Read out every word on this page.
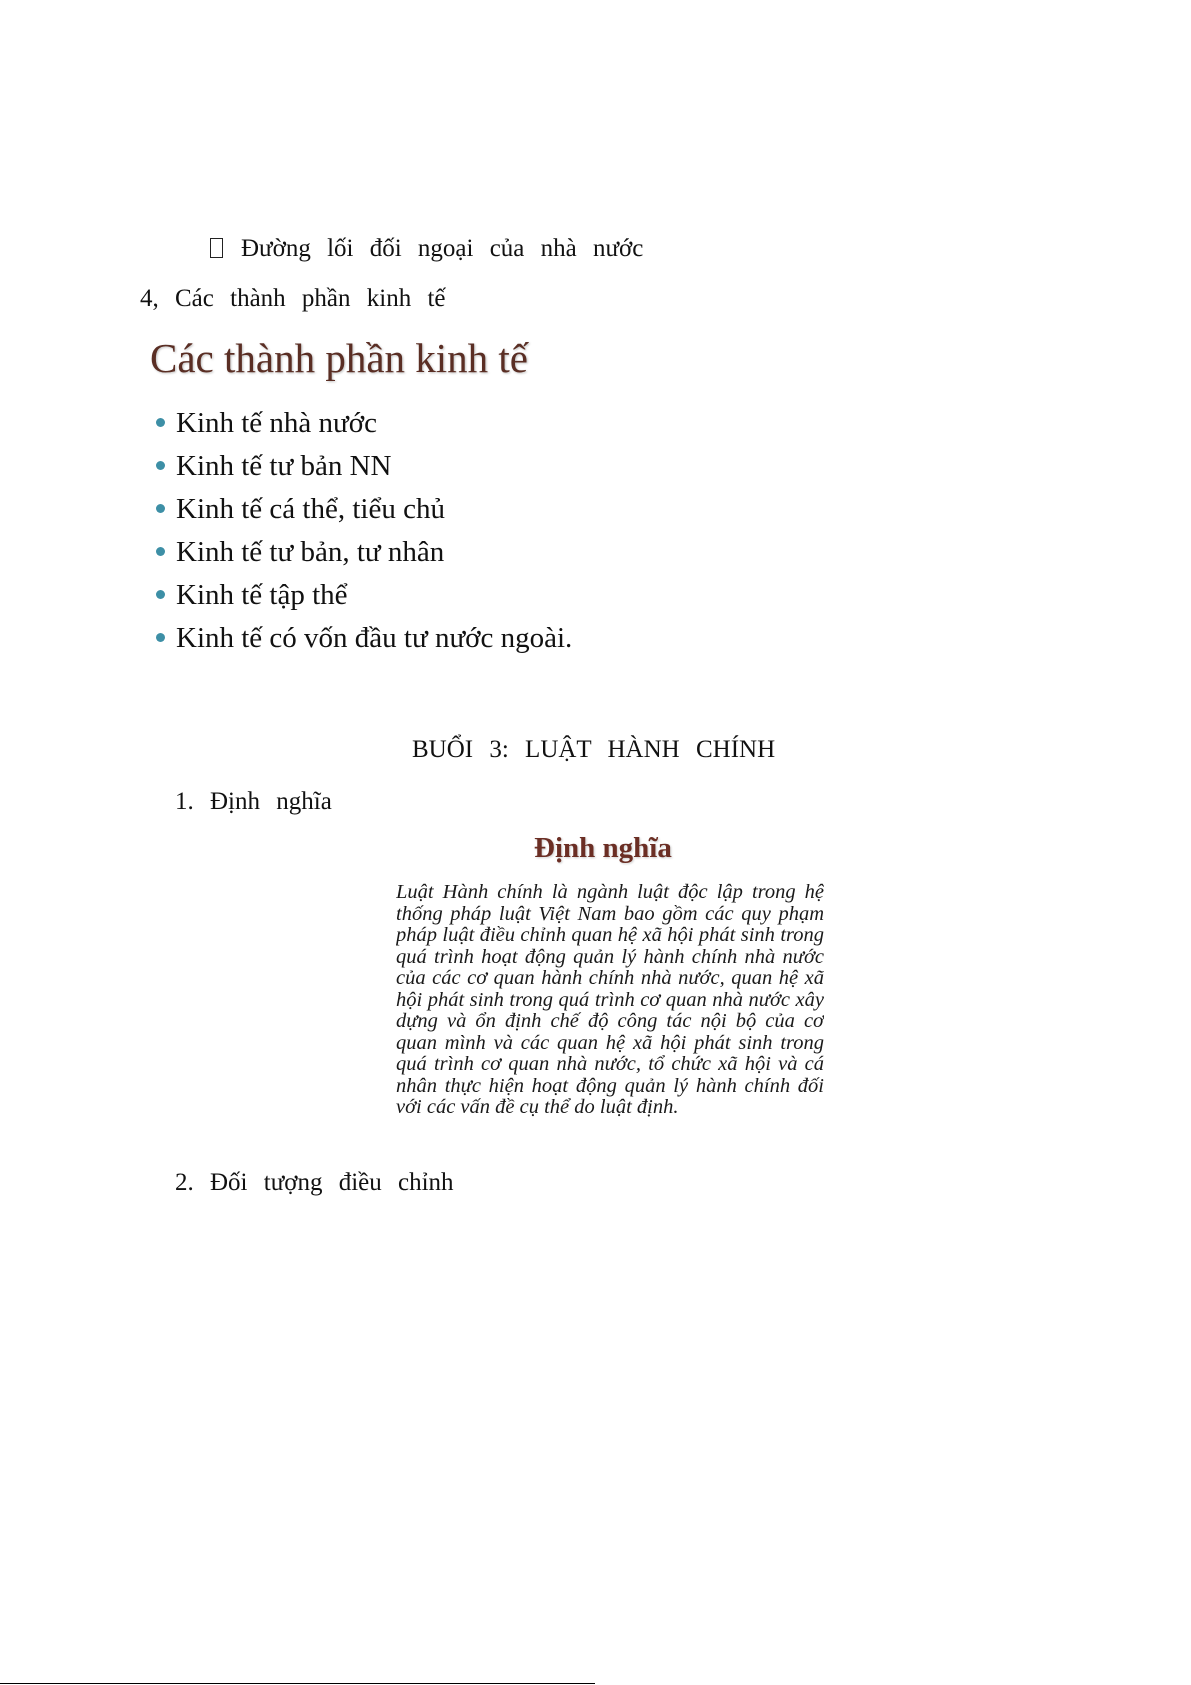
Đường lối đối ngoại của nhà nước
4, Các thành phần kinh tế
Các thành phần kinh tế
Kinh tế nhà nước
Kinh tế tư bản NN
Kinh tế cá thể, tiểu chủ
Kinh tế tư bản, tư nhân
Kinh tế tập thể
Kinh tế có vốn đầu tư nước ngoài.
BUỔI 3: LUẬT HÀNH CHÍNH
1. Định nghĩa
Định nghĩa
Luật Hành chính là ngành luật độc lập trong hệ thống pháp luật Việt Nam bao gồm các quy phạm pháp luật điều chỉnh quan hệ xã hội phát sinh trong quá trình hoạt động quản lý hành chính nhà nước của các cơ quan hành chính nhà nước, quan hệ xã hội phát sinh trong quá trình cơ quan nhà nước xây dựng và ổn định chế độ công tác nội bộ của cơ quan mình và các quan hệ xã hội phát sinh trong quá trình cơ quan nhà nước, tổ chức xã hội và cá nhân thực hiện hoạt động quản lý hành chính đối với các vấn đề cụ thể do luật định.
2. Đối tượng điều chỉnh
